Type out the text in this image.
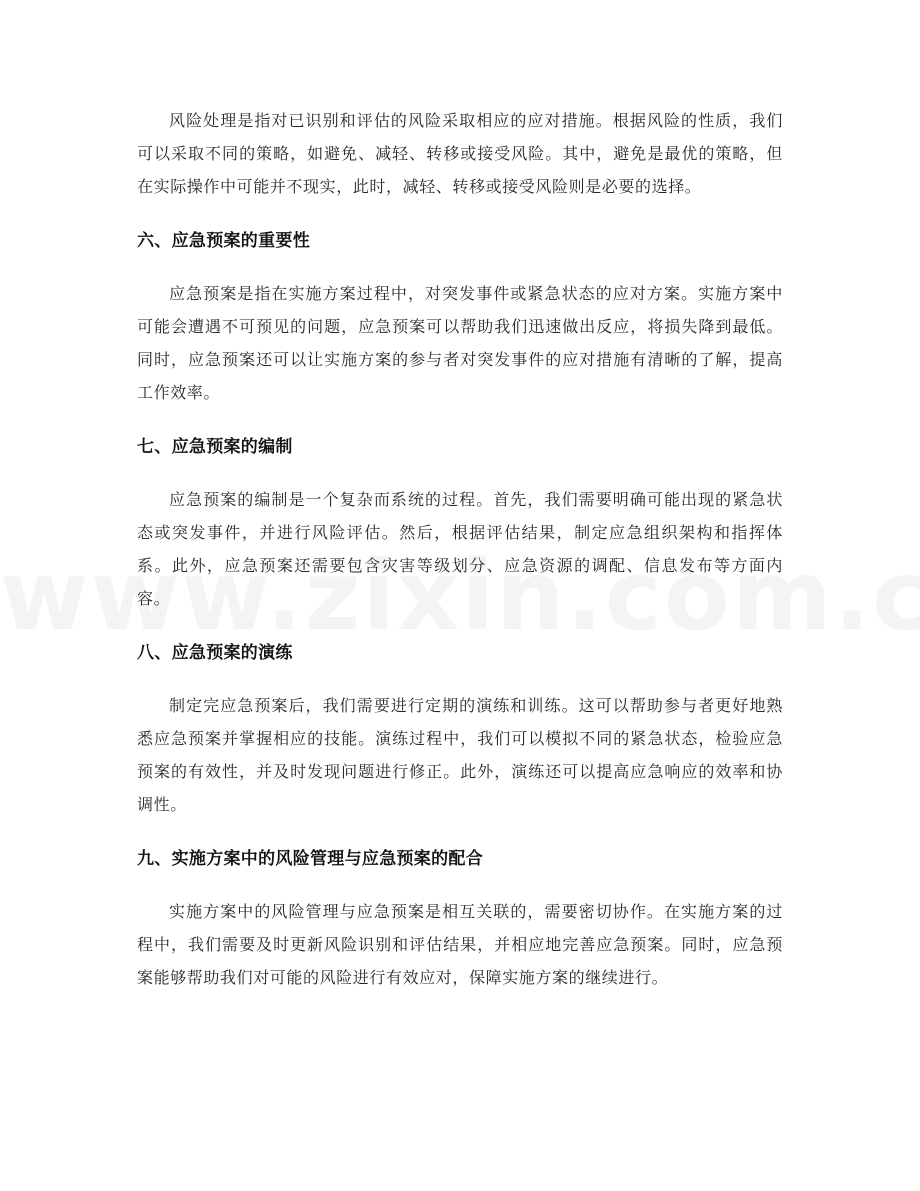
风险处理是指对已识别和评估的风险采取相应的应对措施。根据风险的性质，我们可以采取不同的策略，如避免、减轻、转移或接受风险。其中，避免是最优的策略，但在实际操作中可能并不现实，此时，减轻、转移或接受风险则是必要的选择。

六、应急预案的重要性

应急预案是指在实施方案过程中，对突发事件或紧急状态的应对方案。实施方案中可能会遭遇不可预见的问题，应急预案可以帮助我们迅速做出反应，将损失降到最低。同时，应急预案还可以让实施方案的参与者对突发事件的应对措施有清晰的了解，提高工作效率。

七、应急预案的编制

应急预案的编制是一个复杂而系统的过程。首先，我们需要明确可能出现的紧急状态或突发事件，并进行风险评估。然后，根据评估结果，制定应急组织架构和指挥体系。此外，应急预案还需要包含灾害等级划分、应急资源的调配、信息发布等方面内容。

八、应急预案的演练

制定完应急预案后，我们需要进行定期的演练和训练。这可以帮助参与者更好地熟悉应急预案并掌握相应的技能。演练过程中，我们可以模拟不同的紧急状态，检验应急预案的有效性，并及时发现问题进行修正。此外，演练还可以提高应急响应的效率和协调性。

九、实施方案中的风险管理与应急预案的配合

实施方案中的风险管理与应急预案是相互关联的，需要密切协作。在实施方案的过程中，我们需要及时更新风险识别和评估结果，并相应地完善应急预案。同时，应急预案能够帮助我们对可能的风险进行有效应对，保障实施方案的继续进行。
